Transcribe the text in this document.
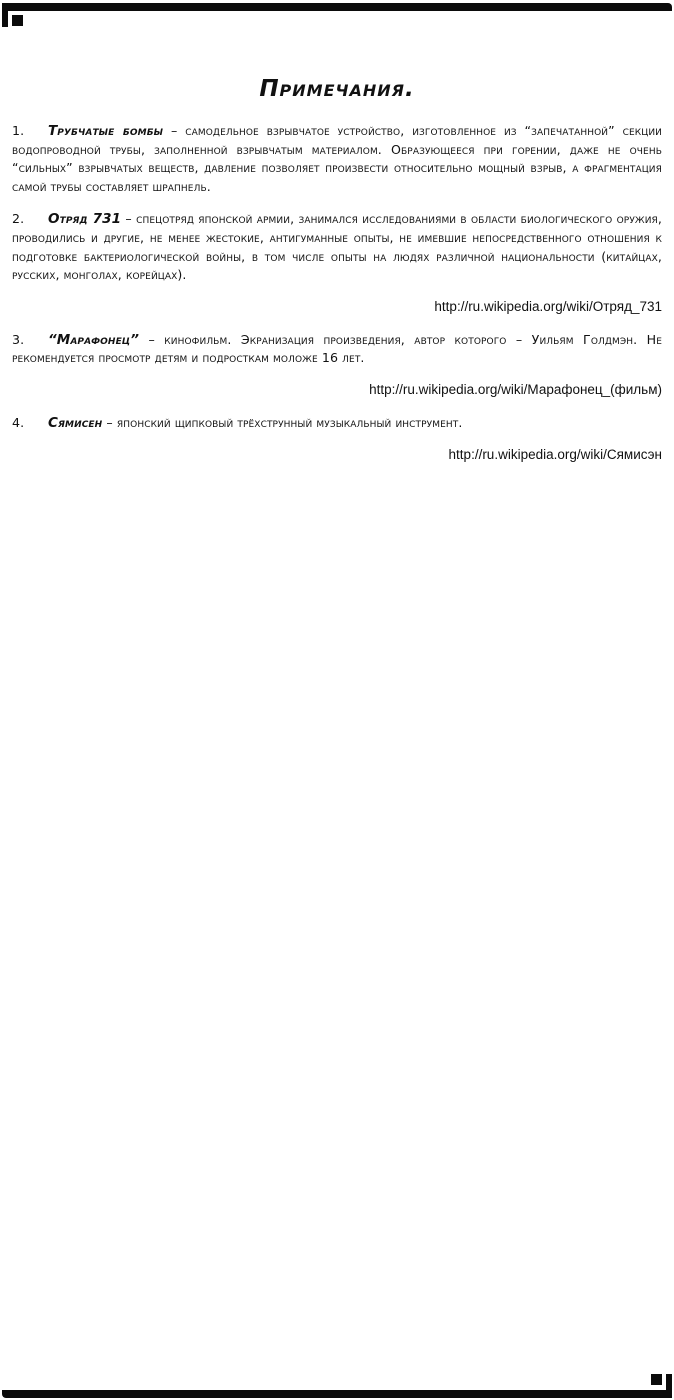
Примечания.

1. Трубчатые бомбы – самодельное взрывчатое устройство, изготовленное из “запечатанной” секции водопроводной трубы, заполненной взрывчатым материалом. Образующееся при горении, даже не очень “сильных” взрывчатых веществ, давление позволяет произвести относительно мощный взрыв, а фрагментация самой трубы составляет шрапнель.

2. Отряд 731 – спецотряд японской армии, занимался исследованиями в области биологического оружия, проводились и другие, не менее жестокие, антигуманные опыты, не имевшие непосредственного отношения к подготовке бактериологической войны, в том числе опыты на людях различной национальности (китайцах, русских, монголах, корейцах).

http://ru.wikipedia.org/wiki/Отряд_731

3. “Марафонец” – кинофильм. Экранизация произведения, автор которого – Уильям Голдмэн. Не рекомендуется просмотр детям и подросткам моложе 16 лет.

http://ru.wikipedia.org/wiki/Марафонец_(фильм)

4. Сямисен – японский щипковый трёхструнный музыкальный инструмент.

http://ru.wikipedia.org/wiki/Сямисэн
